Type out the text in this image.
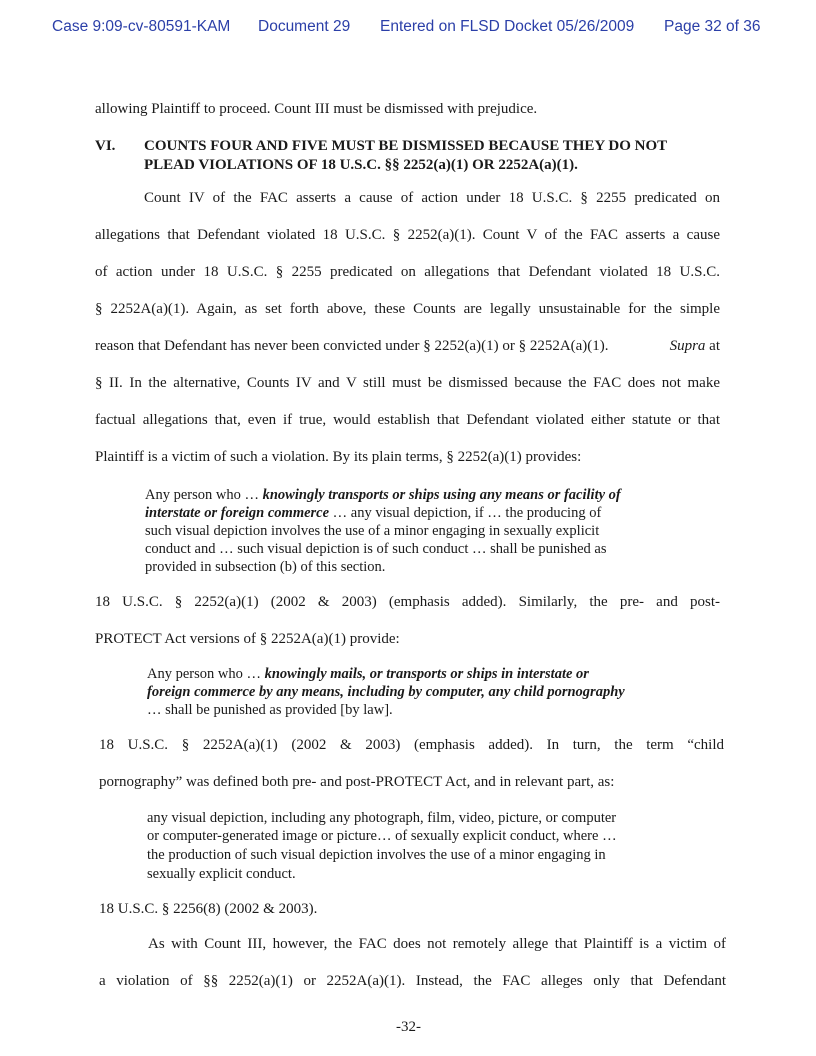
Case 9:09-cv-80591-KAM Document 29 Entered on FLSD Docket 05/26/2009 Page 32 of 36
allowing Plaintiff to proceed. Count III must be dismissed with prejudice.
VI. COUNTS FOUR AND FIVE MUST BE DISMISSED BECAUSE THEY DO NOT
PLEAD VIOLATIONS OF 18 U.S.C. §§ 2252(a)(1) OR 2252A(a)(1).
Count IV of the FAC asserts a cause of action under 18 U.S.C. § 2255 predicated on
allegations that Defendant violated 18 U.S.C. § 2252(a)(1). Count V of the FAC asserts a cause
of action under 18 U.S.C. § 2255 predicated on allegations that Defendant violated 18 U.S.C.
§ 2252A(a)(1). Again, as set forth above, these Counts are legally unsustainable for the simple
reason that Defendant has never been convicted under § 2252(a)(1) or § 2252A(a)(1).	Supra at
§ II. In the alternative, Counts IV and V still must be dismissed because the FAC does not make
factual allegations that, even if true, would establish that Defendant violated either statute or that
Plaintiff is a victim of such a violation. By its plain terms, § 2252(a)(1) provides:
Any person who … knowingly transports or ships using any means or facility of
interstate or foreign commerce … any visual depiction, if … the producing of
such visual depiction involves the use of a minor engaging in sexually explicit
conduct and … such visual depiction is of such conduct … shall be punished as
provided in subsection (b) of this section.
18 U.S.C. § 2252(a)(1) (2002 & 2003) (emphasis added). Similarly, the pre- and post-
PROTECT Act versions of § 2252A(a)(1) provide:
Any person who … knowingly mails, or transports or ships in interstate or
foreign commerce by any means, including by computer, any child pornography
… shall be punished as provided [by law].
18 U.S.C. § 2252A(a)(1) (2002 & 2003) (emphasis added). In turn, the term “child
pornography” was defined both pre- and post-PROTECT Act, and in relevant part, as:
any visual depiction, including any photograph, film, video, picture, or computer
or computer-generated image or picture… of sexually explicit conduct, where …
the production of such visual depiction involves the use of a minor engaging in
sexually explicit conduct.
18 U.S.C. § 2256(8) (2002 & 2003).
As with Count III, however, the FAC does not remotely allege that Plaintiff is a victim of
a violation of §§ 2252(a)(1) or 2252A(a)(1). Instead, the FAC alleges only that Defendant
-32-
